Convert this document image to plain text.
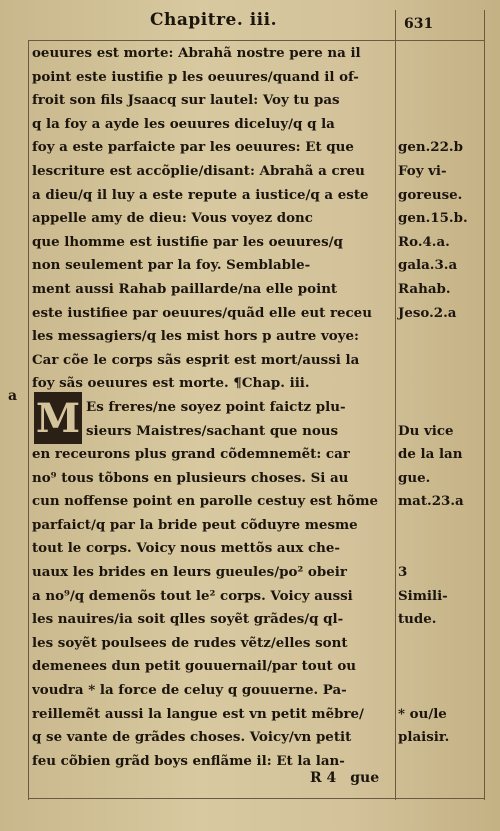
Chapitre. iii.	631
a M
oeuures est morte: Abrahã nostre pere na il
point este iustifie p les oeuures/quand il of-
froit son fils Jsaacq sur lautel: Voy tu pas
q la foy a ayde les oeuures diceluy/q q la
foy a este parfaicte par les oeuures: Et que
lescriture est accõplie/disant: Abrahã a creu
a dieu/q il luy a este repute a iustice/q a este
appelle amy de dieu: Vous voyez donc
que lhomme est iustifie par les oeuures/q
non seulement par la foy. Semblable-
ment aussi Rahab paillarde/na elle point
este iustifiee par oeuures/quãd elle eut receu
les messagiers/q les mist hors p autre voye:
Car cõe le corps sãs esprit est mort/aussi la
foy sãs oeuures est morte. ¶Chap. iii.
Es freres/ne soyez point faictz plu-
sieurs Maistres/sachant que nous
en receurons plus grand cõdemnemẽt: car
no⁹ tous tõbons en plusieurs choses. Si au
cun noffense point en parolle cestuy est hõme
parfaict/q par la bride peut cõduyre mesme
tout le corps. Voicy nous mettõs aux che-
uaux les brides en leurs gueules/po² obeir
a no⁹/q demenõs tout le² corps. Voicy aussi
les nauires/ia soit qlles soyẽt grãdes/q ql-
les soyẽt poulsees de rudes vẽtz/elles sont
demenees dun petit gouuernail/par tout ou
voudra * la force de celuy q gouuerne. Pa-
reillemẽt aussi la langue est vn petit mẽbre/
q se vante de grãdes choses. Voicy/vn petit
feu cõbien grãd boys enflãme il: Et la lan-
gen.22.b
Foy vi-
goreuse.
gen.15.b.
Ro.4.a.
gala.3.a
Rahab.
Jeso.2.a
Du vice
de la lan
gue.
mat.23.a
3
Simili-
tude.
* ou/le
plaisir.
R 4 gue
